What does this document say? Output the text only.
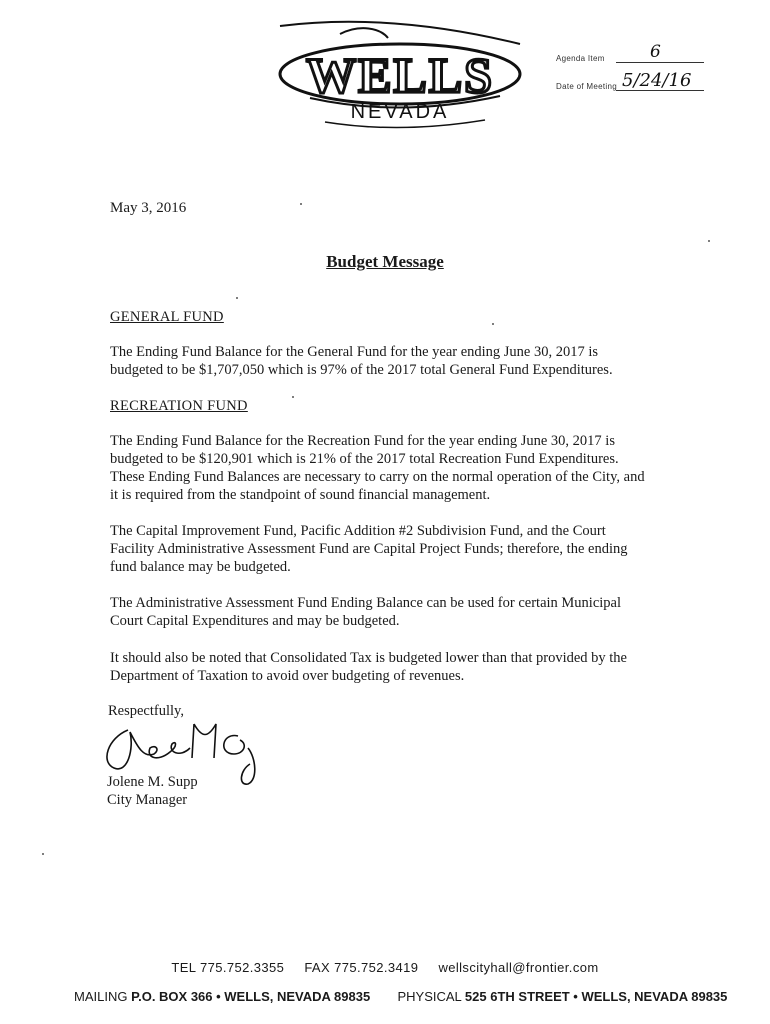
WELLS
NEVADA
Agenda Item	6
Date of Meeting 5/24/16
May 3, 2016
Budget Message
GENERAL FUND
The Ending Fund Balance for the General Fund for the year ending June 30, 2017 is budgeted to be $1,707,050 which is 97% of the 2017 total General Fund Expenditures.
RECREATION FUND
The Ending Fund Balance for the Recreation Fund for the year ending June 30, 2017 is budgeted to be $120,901 which is 21% of the 2017 total Recreation Fund Expenditures. These Ending Fund Balances are necessary to carry on the normal operation of the City, and it is required from the standpoint of sound financial management.
The Capital Improvement Fund, Pacific Addition #2 Subdivision Fund, and the Court Facility Administrative Assessment Fund are Capital Project Funds; therefore, the ending fund balance may be budgeted.
The Administrative Assessment Fund Ending Balance can be used for certain Municipal Court Capital Expenditures and may be budgeted.
It should also be noted that Consolidated Tax is budgeted lower than that provided by the Department of Taxation to avoid over budgeting of revenues.
Respectfully,
Jolene M. Supp
City Manager
TEL 775.752.3355 FAX 775.752.3419 wellscityhall@frontier.com
MAILING P.O. BOX 366 • WELLS, NEVADA 89835 PHYSICAL 525 6TH STREET • WELLS, NEVADA 89835
